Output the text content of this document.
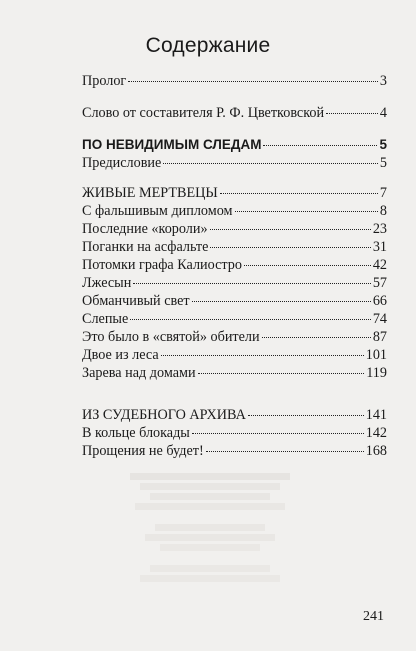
Содержание
Пролог	3
Слово от составителя Р. Ф. Цветковской	4
ПО НЕВИДИМЫМ СЛЕДАМ	5
Предисловие	5
ЖИВЫЕ МЕРТВЕЦЫ	7
С фальшивым дипломом	8
Последние «короли»	23
Поганки на асфальте	31
Потомки графа Калиостро	42
Лжесын	57
Обманчивый свет	66
Слепые	74
Это было в «святой» обители	87
Двое из леса	101
Зарева над домами	119
ИЗ СУДЕБНОГО АРХИВА	141
В кольце блокады	142
Прощения не будет!	168
241
